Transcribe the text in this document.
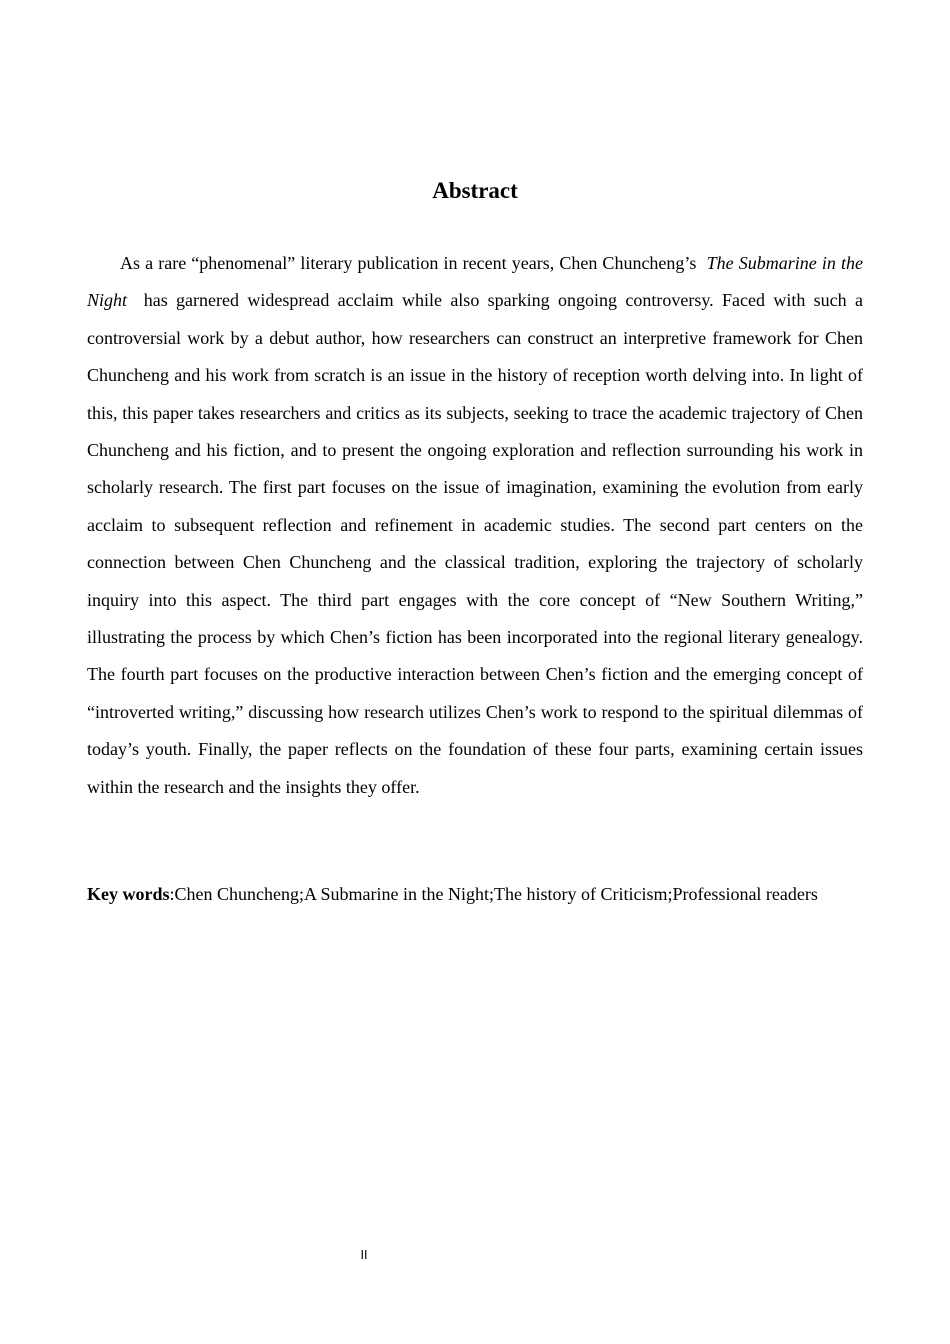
Abstract

As a rare “phenomenal” literary publication in recent years, Chen Chuncheng’s The Submarine in the Night has garnered widespread acclaim while also sparking ongoing controversy. Faced with such a controversial work by a debut author, how researchers can construct an interpretive framework for Chen Chuncheng and his work from scratch is an issue in the history of reception worth delving into. In light of this, this paper takes researchers and critics as its subjects, seeking to trace the academic trajectory of Chen Chuncheng and his fiction, and to present the ongoing exploration and reflection surrounding his work in scholarly research. The first part focuses on the issue of imagination, examining the evolution from early acclaim to subsequent reflection and refinement in academic studies. The second part centers on the connection between Chen Chuncheng and the classical tradition, exploring the trajectory of scholarly inquiry into this aspect. The third part engages with the core concept of “New Southern Writing,” illustrating the process by which Chen’s fiction has been incorporated into the regional literary genealogy. The fourth part focuses on the productive interaction between Chen’s fiction and the emerging concept of “introverted writing,” discussing how research utilizes Chen’s work to respond to the spiritual dilemmas of today’s youth. Finally, the paper reflects on the foundation of these four parts, examining certain issues within the research and the insights they offer.

Key words:Chen Chuncheng;A Submarine in the Night;The history of Criticism;Professional readers

II
